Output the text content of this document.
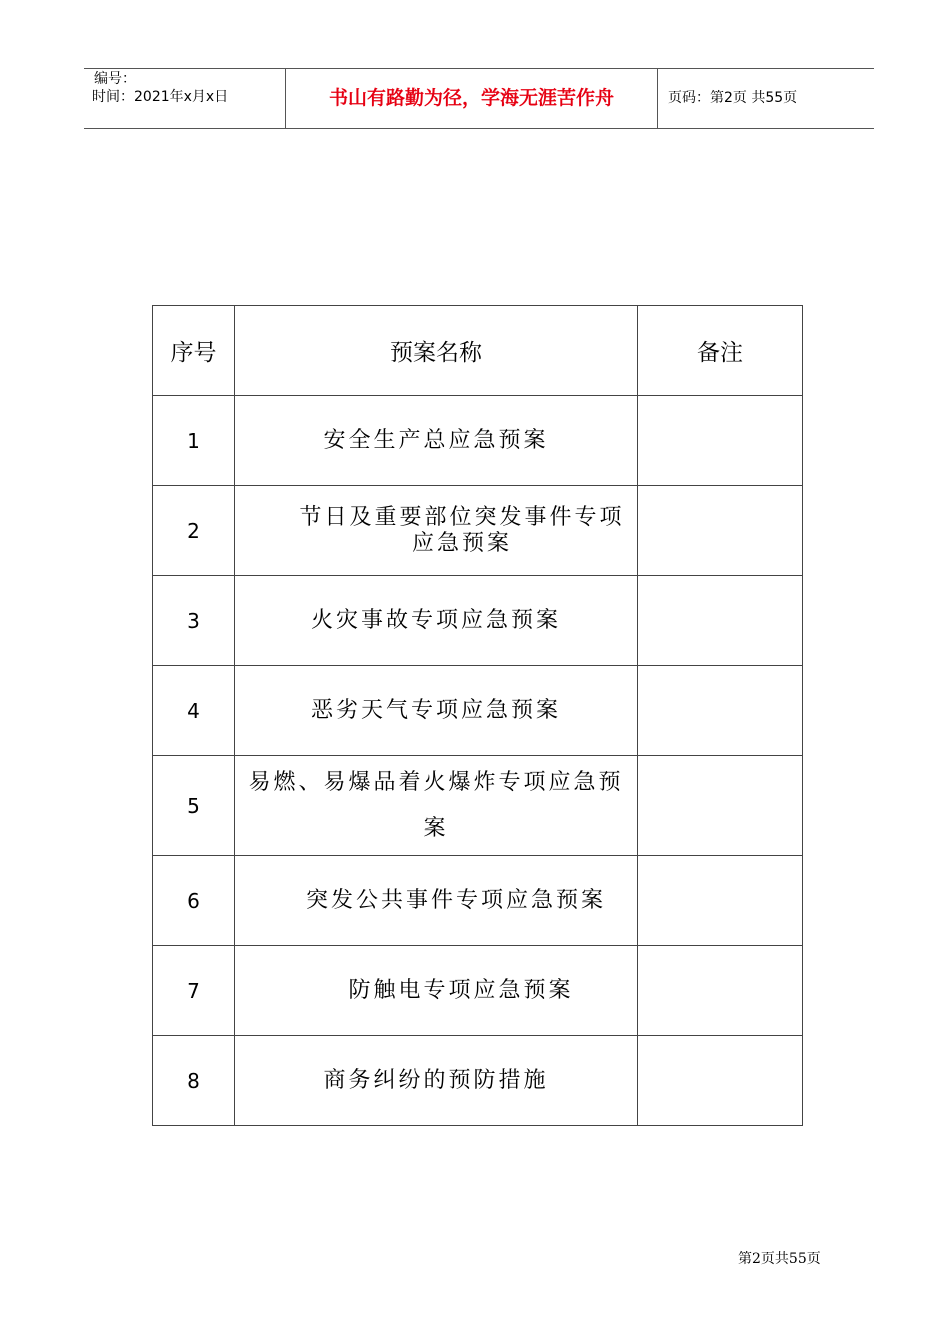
编号：
时间：2021年x月x日	书山有路勤为径，学海无涯苦作舟	页码：第2页 共55页
序号	预案名称	备注
1	安全生产总应急预案	
2	节日及重要部位突发事件专项应急预案	
3	火灾事故专项应急预案	
4	恶劣天气专项应急预案	
5	易燃、易爆品着火爆炸专项应急预案	
6	突发公共事件专项应急预案	
7	防触电专项应急预案	
8	商务纠纷的预防措施	
第2页共55页
